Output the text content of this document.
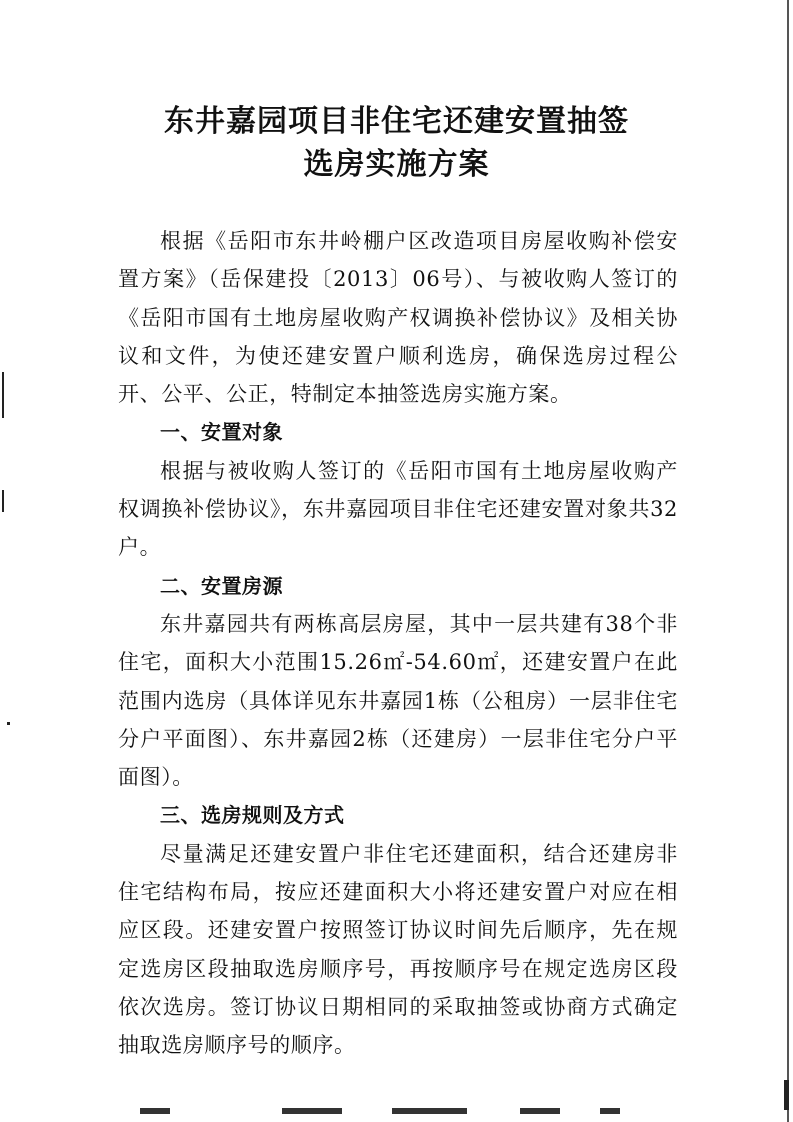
东井嘉园项目非住宅还建安置抽签
选房实施方案

根据《岳阳市东井岭棚户区改造项目房屋收购补偿安置方案》（岳保建投〔2013〕06号）、与被收购人签订的《岳阳市国有土地房屋收购产权调换补偿协议》及相关协议和文件，为使还建安置户顺利选房，确保选房过程公开、公平、公正，特制定本抽签选房实施方案。

一、安置对象

根据与被收购人签订的《岳阳市国有土地房屋收购产权调换补偿协议》，东井嘉园项目非住宅还建安置对象共32户。

二、安置房源

东井嘉园共有两栋高层房屋，其中一层共建有38个非住宅，面积大小范围15.26㎡-54.60㎡，还建安置户在此范围内选房（具体详见东井嘉园1栋（公租房）一层非住宅分户平面图）、东井嘉园2栋（还建房）一层非住宅分户平面图）。

三、选房规则及方式

尽量满足还建安置户非住宅还建面积，结合还建房非住宅结构布局，按应还建面积大小将还建安置户对应在相应区段。还建安置户按照签订协议时间先后顺序，先在规定选房区段抽取选房顺序号，再按顺序号在规定选房区段依次选房。签订协议日期相同的采取抽签或协商方式确定抽取选房顺序号的顺序。
